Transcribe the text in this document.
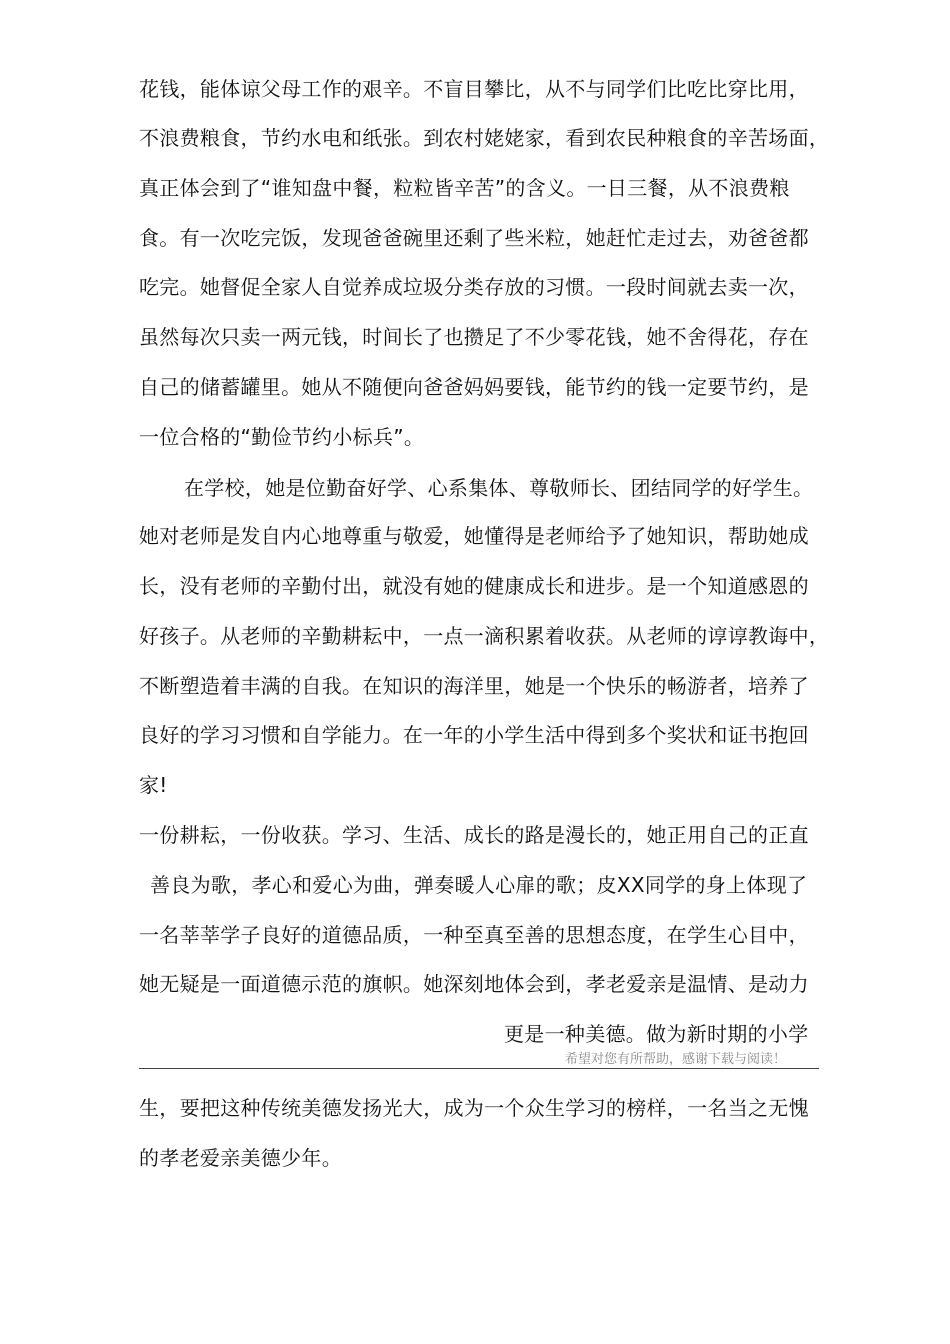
花钱，能体谅父母工作的艰辛。不盲目攀比，从不与同学们比吃比穿比用，
不浪费粮食，节约水电和纸张。到农村姥姥家，看到农民种粮食的辛苦场面，
真正体会到了“谁知盘中餐，粒粒皆辛苦”的含义。一日三餐，从不浪费粮
食。有一次吃完饭，发现爸爸碗里还剩了些米粒，她赶忙走过去，劝爸爸都
吃完。她督促全家人自觉养成垃圾分类存放的习惯。一段时间就去卖一次，
虽然每次只卖一两元钱，时间长了也攒足了不少零花钱，她不舍得花，存在
自己的储蓄罐里。她从不随便向爸爸妈妈要钱，能节约的钱一定要节约，是
一位合格的“勤俭节约小标兵”。
在学校，她是位勤奋好学、心系集体、尊敬师长、团结同学的好学生。
她对老师是发自内心地尊重与敬爱，她懂得是老师给予了她知识，帮助她成
长，没有老师的辛勤付出，就没有她的健康成长和进步。是一个知道感恩的
好孩子。从老师的辛勤耕耘中，一点一滴积累着收获。从老师的谆谆教诲中，
不断塑造着丰满的自我。在知识的海洋里，她是一个快乐的畅游者，培养了
良好的学习习惯和自学能力。在一年的小学生活中得到多个奖状和证书抱回
家!
一份耕耘，一份收获。学习、生活、成长的路是漫长的，她正用自己的正直
善良为歌，孝心和爱心为曲，弹奏暖人心扉的歌；皮XX同学的身上体现了
一名莘莘学子良好的道德品质，一种至真至善的思想态度，在学生心目中，
她无疑是一面道德示范的旗帜。她深刻地体会到，孝老爱亲是温情、是动力
更是一种美德。做为新时期的小学
希望对您有所帮助，感谢下载与阅读！
生，要把这种传统美德发扬光大，成为一个众生学习的榜样，一名当之无愧
的孝老爱亲美德少年。
